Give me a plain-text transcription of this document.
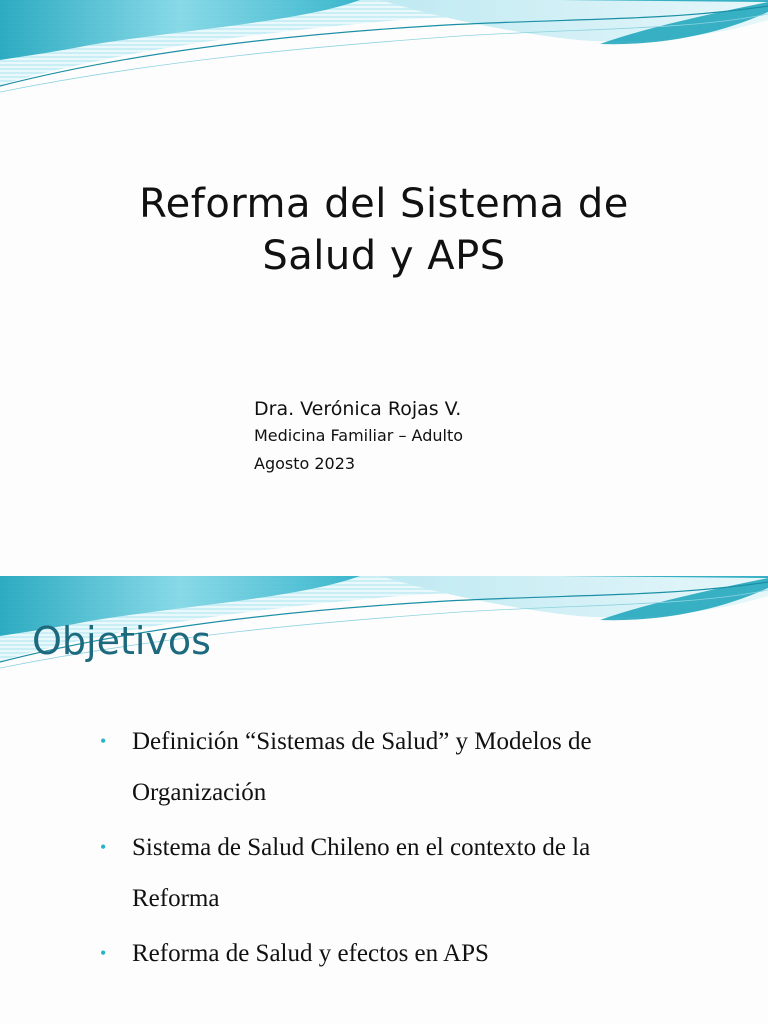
Reforma del Sistema de
Salud y APS
Dra. Verónica Rojas V.
Medicina Familiar – Adulto
Agosto 2023
Objetivos
• Definición “Sistemas de Salud” y Modelos de
Organización
• Sistema de Salud Chileno en el contexto de la
Reforma
• Reforma de Salud y efectos en APS
